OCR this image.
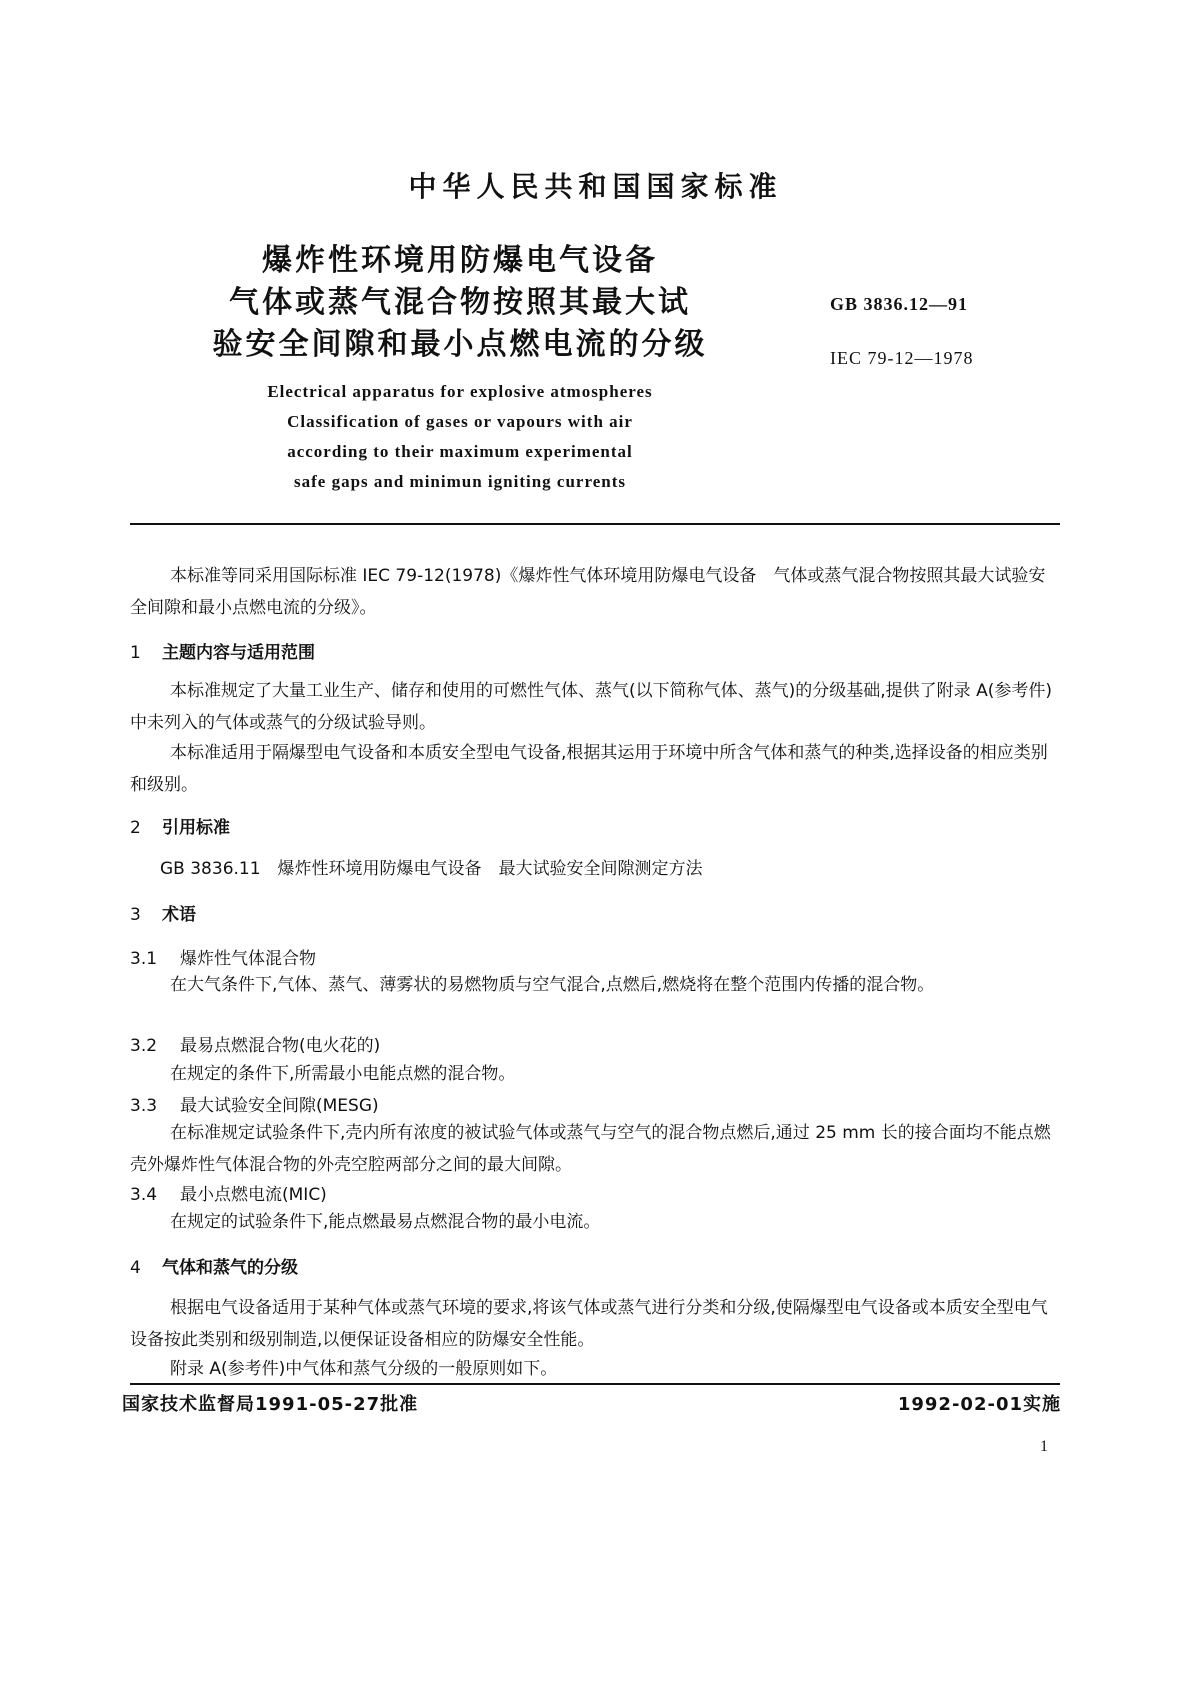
中华人民共和国国家标准
爆炸性环境用防爆电气设备
气体或蒸气混合物按照其最大试
验安全间隙和最小点燃电流的分级
GB 3836.12—91
IEC 79-12—1978
Electrical apparatus for explosive atmospheres
Classification of gases or vapours with air
according to their maximum experimental
safe gaps and minimun igniting currents
本标准等同采用国际标准 IEC 79-12(1978)《爆炸性气体环境用防爆电气设备　气体或蒸气混合物按照其最大试验安全间隙和最小点燃电流的分级》。
1 主题内容与适用范围
本标准规定了大量工业生产、储存和使用的可燃性气体、蒸气(以下简称气体、蒸气)的分级基础,提供了附录 A(参考件)中未列入的气体或蒸气的分级试验导则。
本标准适用于隔爆型电气设备和本质安全型电气设备,根据其运用于环境中所含气体和蒸气的种类,选择设备的相应类别和级别。
2 引用标准
GB 3836.11　爆炸性环境用防爆电气设备　最大试验安全间隙测定方法
3 术语
3.1 爆炸性气体混合物
在大气条件下,气体、蒸气、薄雾状的易燃物质与空气混合,点燃后,燃烧将在整个范围内传播的混合物。
3.2 最易点燃混合物(电火花的)
在规定的条件下,所需最小电能点燃的混合物。
3.3 最大试验安全间隙(MESG)
在标准规定试验条件下,壳内所有浓度的被试验气体或蒸气与空气的混合物点燃后,通过 25 mm 长的接合面均不能点燃壳外爆炸性气体混合物的外壳空腔两部分之间的最大间隙。
3.4 最小点燃电流(MIC)
在规定的试验条件下,能点燃最易点燃混合物的最小电流。
4 气体和蒸气的分级
根据电气设备适用于某种气体或蒸气环境的要求,将该气体或蒸气进行分类和分级,使隔爆型电气设备或本质安全型电气设备按此类别和级别制造,以便保证设备相应的防爆安全性能。
附录 A(参考件)中气体和蒸气分级的一般原则如下。
国家技术监督局1991-05-27批准	1992-02-01实施
1
